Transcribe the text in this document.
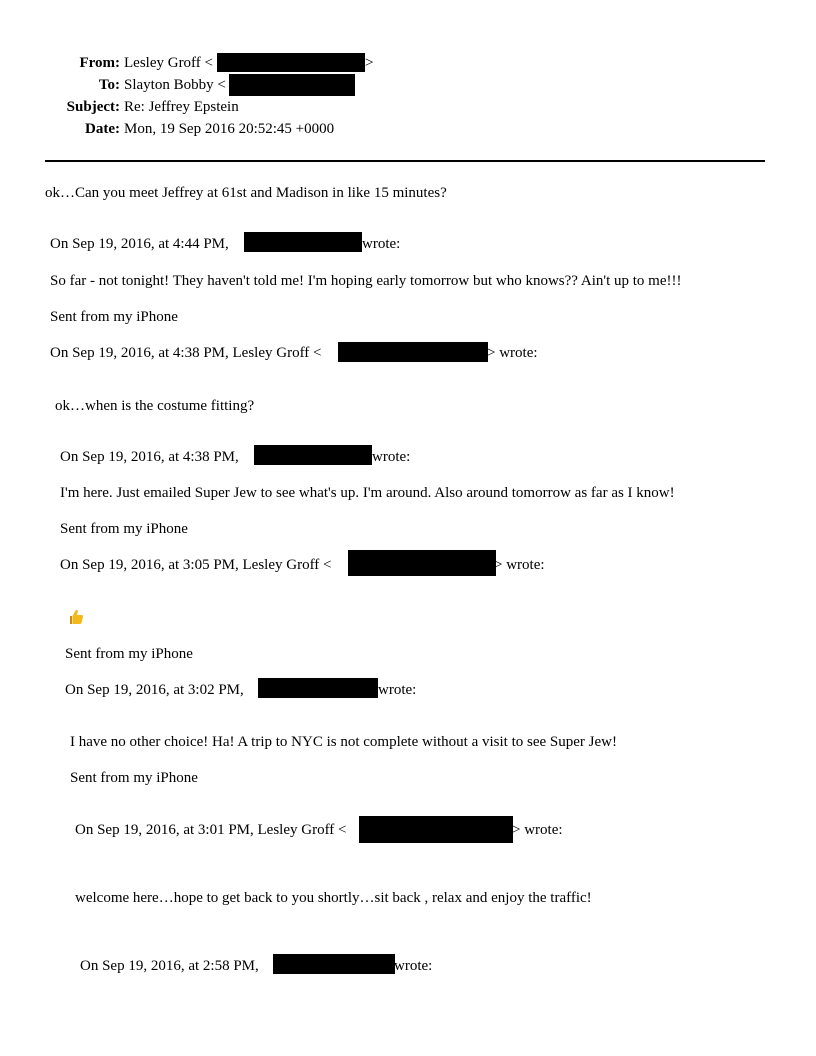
From: Lesley Groff <	>
To: Slayton Bobby <
Subject: Re: Jeffrey Epstein
Date: Mon, 19 Sep 2016 20:52:45 +0000
ok…Can you meet Jeffrey at 61st and Madison in like 15 minutes?
On Sep 19, 2016, at 4:44 PM,	wrote:
So far - not tonight! They haven't told me! I'm hoping early tomorrow but who knows?? Ain't up to me!!!
Sent from my iPhone
On Sep 19, 2016, at 4:38 PM, Lesley Groff <	> wrote:
ok…when is the costume fitting?
On Sep 19, 2016, at 4:38 PM,	wrote:
I'm here. Just emailed Super Jew to see what's up. I'm around. Also around tomorrow as far as I know!
Sent from my iPhone
On Sep 19, 2016, at 3:05 PM, Lesley Groff <	> wrote:
Sent from my iPhone
On Sep 19, 2016, at 3:02 PM,	wrote:
I have no other choice! Ha! A trip to NYC is not complete without a visit to see Super Jew!
Sent from my iPhone
On Sep 19, 2016, at 3:01 PM, Lesley Groff <	> wrote:
welcome here…hope to get back to you shortly…sit back , relax and enjoy the traffic!
On Sep 19, 2016, at 2:58 PM,	wrote:
